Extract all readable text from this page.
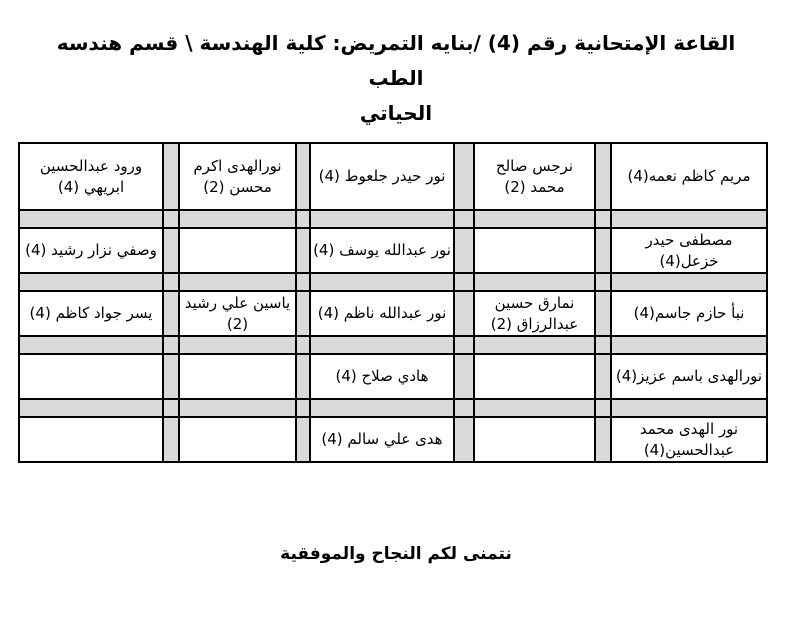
القاعة الإمتحانية رقم (4) /بنايه التمريض: كلية الهندسة \ قسم هندسه الطب
الحياتي
ورود عبدالحسين ابريهي (4)		نورالهدى اكرم محسن (2)		نور حيدر جلعوط (4)		نرجس صالح محمد (2)		مريم كاظم نعمه(4)

وصفي نزار رشيد (4)				نور عبدالله يوسف (4)				مصطفى حيدر خزعل(4)

يسر جواد كاظم (4)		ياسين علي رشيد (2)		نور عبدالله ناظم (4)		نمارق حسين عبدالرزاق (2)		نبأ حازم جاسم(4)

				هادي صلاح (4)				نورالهدى باسم عزيز(4)

				هدى علي سالم (4)				نور الهدى محمد عبدالحسين(4)
نتمنى لكم النجاح والموفقية
